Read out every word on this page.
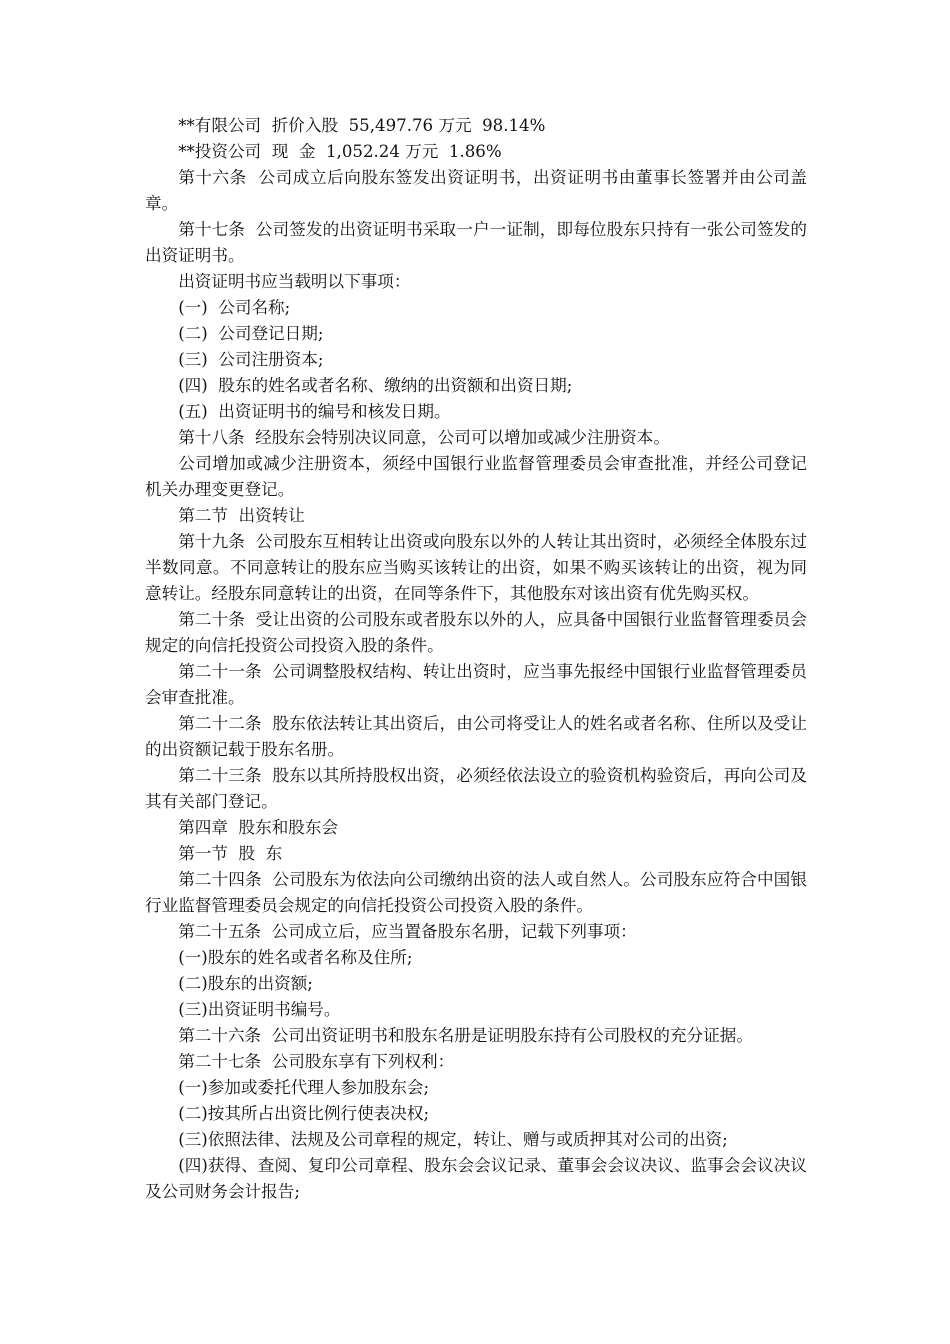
**有限公司  折价入股  55,497.76 万元  98.14%

**投资公司  现  金  1,052.24 万元  1.86%

第十六条  公司成立后向股东签发出资证明书，出资证明书由董事长签署并由公司盖章。

第十七条  公司签发的出资证明书采取一户一证制，即每位股东只持有一张公司签发的出资证明书。

出资证明书应当载明以下事项：

(一)  公司名称;

(二)  公司登记日期;

(三)  公司注册资本;

(四)  股东的姓名或者名称、缴纳的出资额和出资日期;

(五)  出资证明书的编号和核发日期。

第十八条  经股东会特别决议同意，公司可以增加或减少注册资本。

公司增加或减少注册资本，须经中国银行业监督管理委员会审查批准，并经公司登记机关办理变更登记。

第二节  出资转让

第十九条  公司股东互相转让出资或向股东以外的人转让其出资时，必须经全体股东过半数同意。不同意转让的股东应当购买该转让的出资，如果不购买该转让的出资，视为同意转让。经股东同意转让的出资，在同等条件下，其他股东对该出资有优先购买权。

第二十条  受让出资的公司股东或者股东以外的人，应具备中国银行业监督管理委员会规定的向信托投资公司投资入股的条件。

第二十一条  公司调整股权结构、转让出资时，应当事先报经中国银行业监督管理委员会审查批准。

第二十二条  股东依法转让其出资后，由公司将受让人的姓名或者名称、住所以及受让的出资额记载于股东名册。

第二十三条  股东以其所持股权出资，必须经依法设立的验资机构验资后，再向公司及其有关部门登记。

第四章  股东和股东会

第一节  股  东

第二十四条  公司股东为依法向公司缴纳出资的法人或自然人。公司股东应符合中国银行业监督管理委员会规定的向信托投资公司投资入股的条件。

第二十五条  公司成立后，应当置备股东名册，记载下列事项：

(一)股东的姓名或者名称及住所;

(二)股东的出资额;

(三)出资证明书编号。

第二十六条  公司出资证明书和股东名册是证明股东持有公司股权的充分证据。

第二十七条  公司股东享有下列权利：

(一)参加或委托代理人参加股东会;

(二)按其所占出资比例行使表决权;

(三)依照法律、法规及公司章程的规定，转让、赠与或质押其对公司的出资;

(四)获得、查阅、复印公司章程、股东会会议记录、董事会会议决议、监事会会议决议及公司财务会计报告;
